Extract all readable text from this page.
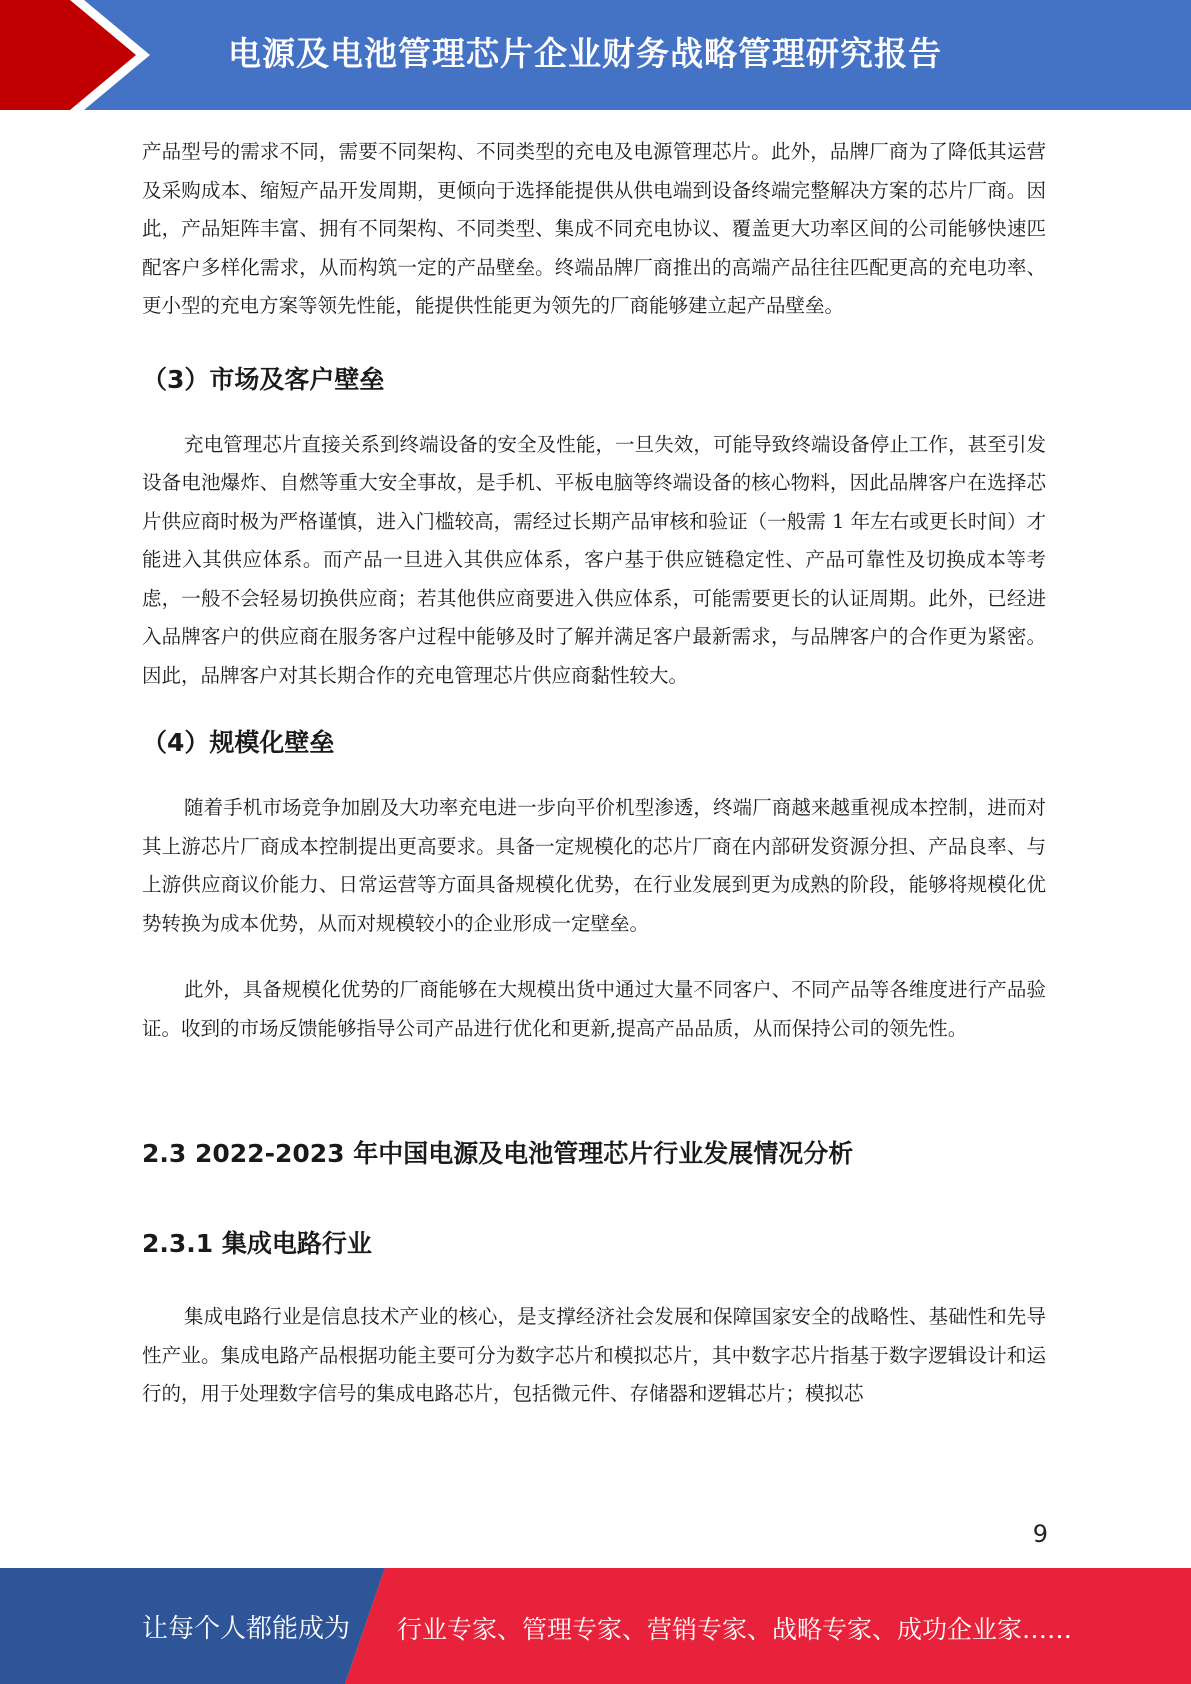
电源及电池管理芯片企业财务战略管理研究报告

产品型号的需求不同，需要不同架构、不同类型的充电及电源管理芯片。此外，品牌厂商为了降低其运营及采购成本、缩短产品开发周期，更倾向于选择能提供从供电端到设备终端完整解决方案的芯片厂商。因此，产品矩阵丰富、拥有不同架构、不同类型、集成不同充电协议、覆盖更大功率区间的公司能够快速匹配客户多样化需求，从而构筑一定的产品壁垒。终端品牌厂商推出的高端产品往往匹配更高的充电功率、更小型的充电方案等领先性能，能提供性能更为领先的厂商能够建立起产品壁垒。

（3）市场及客户壁垒

充电管理芯片直接关系到终端设备的安全及性能，一旦失效，可能导致终端设备停止工作，甚至引发设备电池爆炸、自燃等重大安全事故，是手机、平板电脑等终端设备的核心物料，因此品牌客户在选择芯片供应商时极为严格谨慎，进入门槛较高，需经过长期产品审核和验证（一般需 1 年左右或更长时间）才能进入其供应体系。而产品一旦进入其供应体系，客户基于供应链稳定性、产品可靠性及切换成本等考虑，一般不会轻易切换供应商；若其他供应商要进入供应体系，可能需要更长的认证周期。此外，已经进入品牌客户的供应商在服务客户过程中能够及时了解并满足客户最新需求，与品牌客户的合作更为紧密。因此，品牌客户对其长期合作的充电管理芯片供应商黏性较大。

（4）规模化壁垒

随着手机市场竞争加剧及大功率充电进一步向平价机型渗透，终端厂商越来越重视成本控制，进而对其上游芯片厂商成本控制提出更高要求。具备一定规模化的芯片厂商在内部研发资源分担、产品良率、与上游供应商议价能力、日常运营等方面具备规模化优势，在行业发展到更为成熟的阶段，能够将规模化优势转换为成本优势，从而对规模较小的企业形成一定壁垒。

此外，具备规模化优势的厂商能够在大规模出货中通过大量不同客户、不同产品等各维度进行产品验证。收到的市场反馈能够指导公司产品进行优化和更新,提高产品品质，从而保持公司的领先性。

2.3 2022-2023 年中国电源及电池管理芯片行业发展情况分析
2.3.1 集成电路行业

集成电路行业是信息技术产业的核心，是支撑经济社会发展和保障国家安全的战略性、基础性和先导性产业。集成电路产品根据功能主要可分为数字芯片和模拟芯片，其中数字芯片指基于数字逻辑设计和运行的，用于处理数字信号的集成电路芯片，包括微元件、存储器和逻辑芯片；模拟芯

9
让每个人都能成为 行业专家、管理专家、营销专家、战略专家、成功企业家……
